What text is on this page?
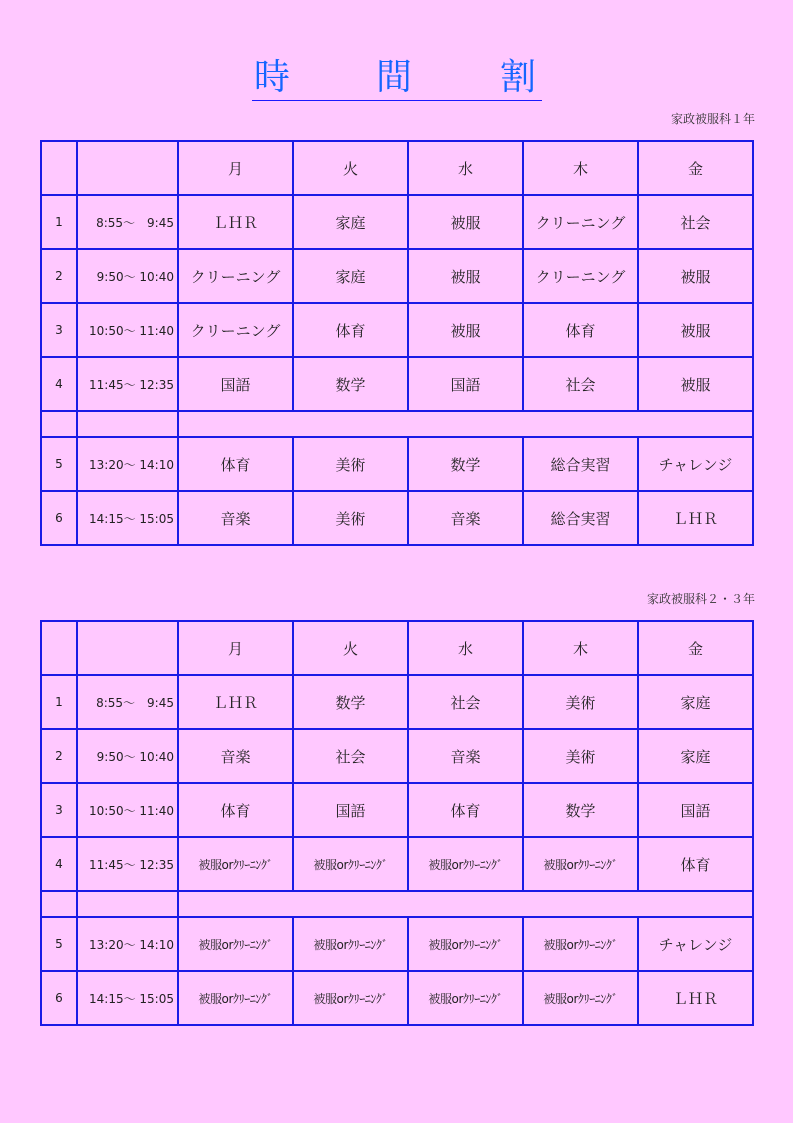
時 間 割
家政被服科１年
		月	火	水	木	金
1	8:55～　9:45	ＬＨＲ	家庭	被服	クリーニング	社会
2	9:50～ 10:40	クリーニング	家庭	被服	クリーニング	被服
3	10:50～ 11:40	クリーニング	体育	被服	体育	被服
4	11:45～ 12:35	国語	数学	国語	社会	被服

5	13:20～ 14:10	体育	美術	数学	総合実習	チャレンジ
6	14:15～ 15:05	音楽	美術	音楽	総合実習	ＬＨＲ
家政被服科２・３年
		月	火	水	木	金
1	8:55～　9:45	ＬＨＲ	数学	社会	美術	家庭
2	9:50～ 10:40	音楽	社会	音楽	美術	家庭
3	10:50～ 11:40	体育	国語	体育	数学	国語
4	11:45～ 12:35	被服orｸﾘｰﾆﾝｸﾞ	被服orｸﾘｰﾆﾝｸﾞ	被服orｸﾘｰﾆﾝｸﾞ	被服orｸﾘｰﾆﾝｸﾞ	体育

5	13:20～ 14:10	被服orｸﾘｰﾆﾝｸﾞ	被服orｸﾘｰﾆﾝｸﾞ	被服orｸﾘｰﾆﾝｸﾞ	被服orｸﾘｰﾆﾝｸﾞ	チャレンジ
6	14:15～ 15:05	被服orｸﾘｰﾆﾝｸﾞ	被服orｸﾘｰﾆﾝｸﾞ	被服orｸﾘｰﾆﾝｸﾞ	被服orｸﾘｰﾆﾝｸﾞ	ＬＨＲ
